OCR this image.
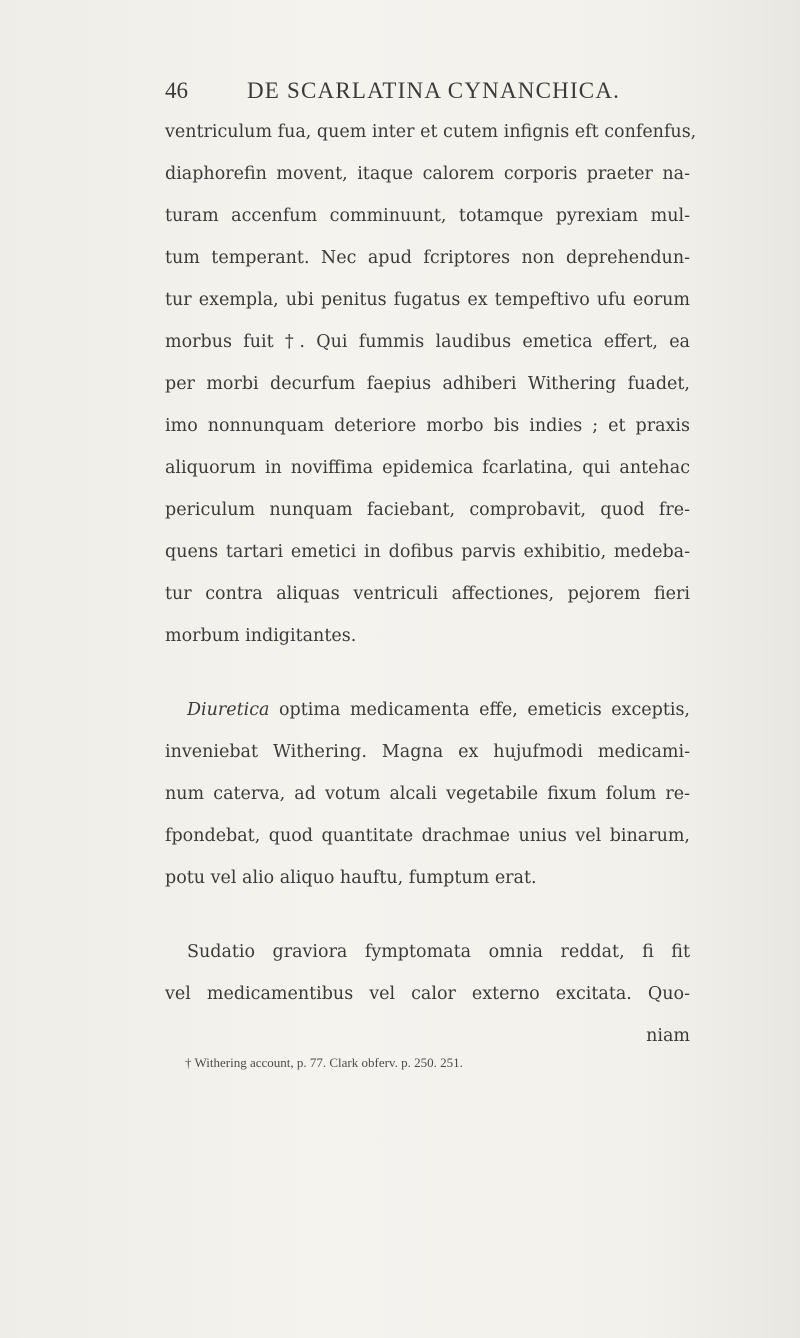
46	DE SCARLATINA CYNANCHICA.
ventriculum fua, quem inter et cutem infignis eft confenfus,
diaphorefin movent, itaque calorem corporis praeter na-
turam accenfum comminuunt, totamque pyrexiam mul-
tum temperant. Nec apud fcriptores non deprehendun-
tur exempla, ubi penitus fugatus ex tempeftivo ufu eorum
morbus fuit †. Qui fummis laudibus emetica effert, ea
per morbi decurfum faepius adhiberi Withering fuadet,
imo nonnunquam deteriore morbo bis indies ; et praxis
aliquorum in noviffima epidemica fcarlatina, qui antehac
periculum nunquam faciebant, comprobavit, quod fre-
quens tartari emetici in dofibus parvis exhibitio, medeba-
tur contra aliquas ventriculi affectiones, pejorem fieri
morbum indigitantes.
Diuretica optima medicamenta effe, emeticis exceptis,
inveniebat Withering. Magna ex hujufmodi medicami-
num caterva, ad votum alcali vegetabile fixum folum re-
fpondebat, quod quantitate drachmae unius vel binarum,
potu vel alio aliquo hauftu, fumptum erat.
Sudatio graviora fymptomata omnia reddat, fi fit
vel medicamentibus vel calor externo excitata. Quo-
niam
† Withering account, p. 77. Clark obferv. p. 250. 251.
